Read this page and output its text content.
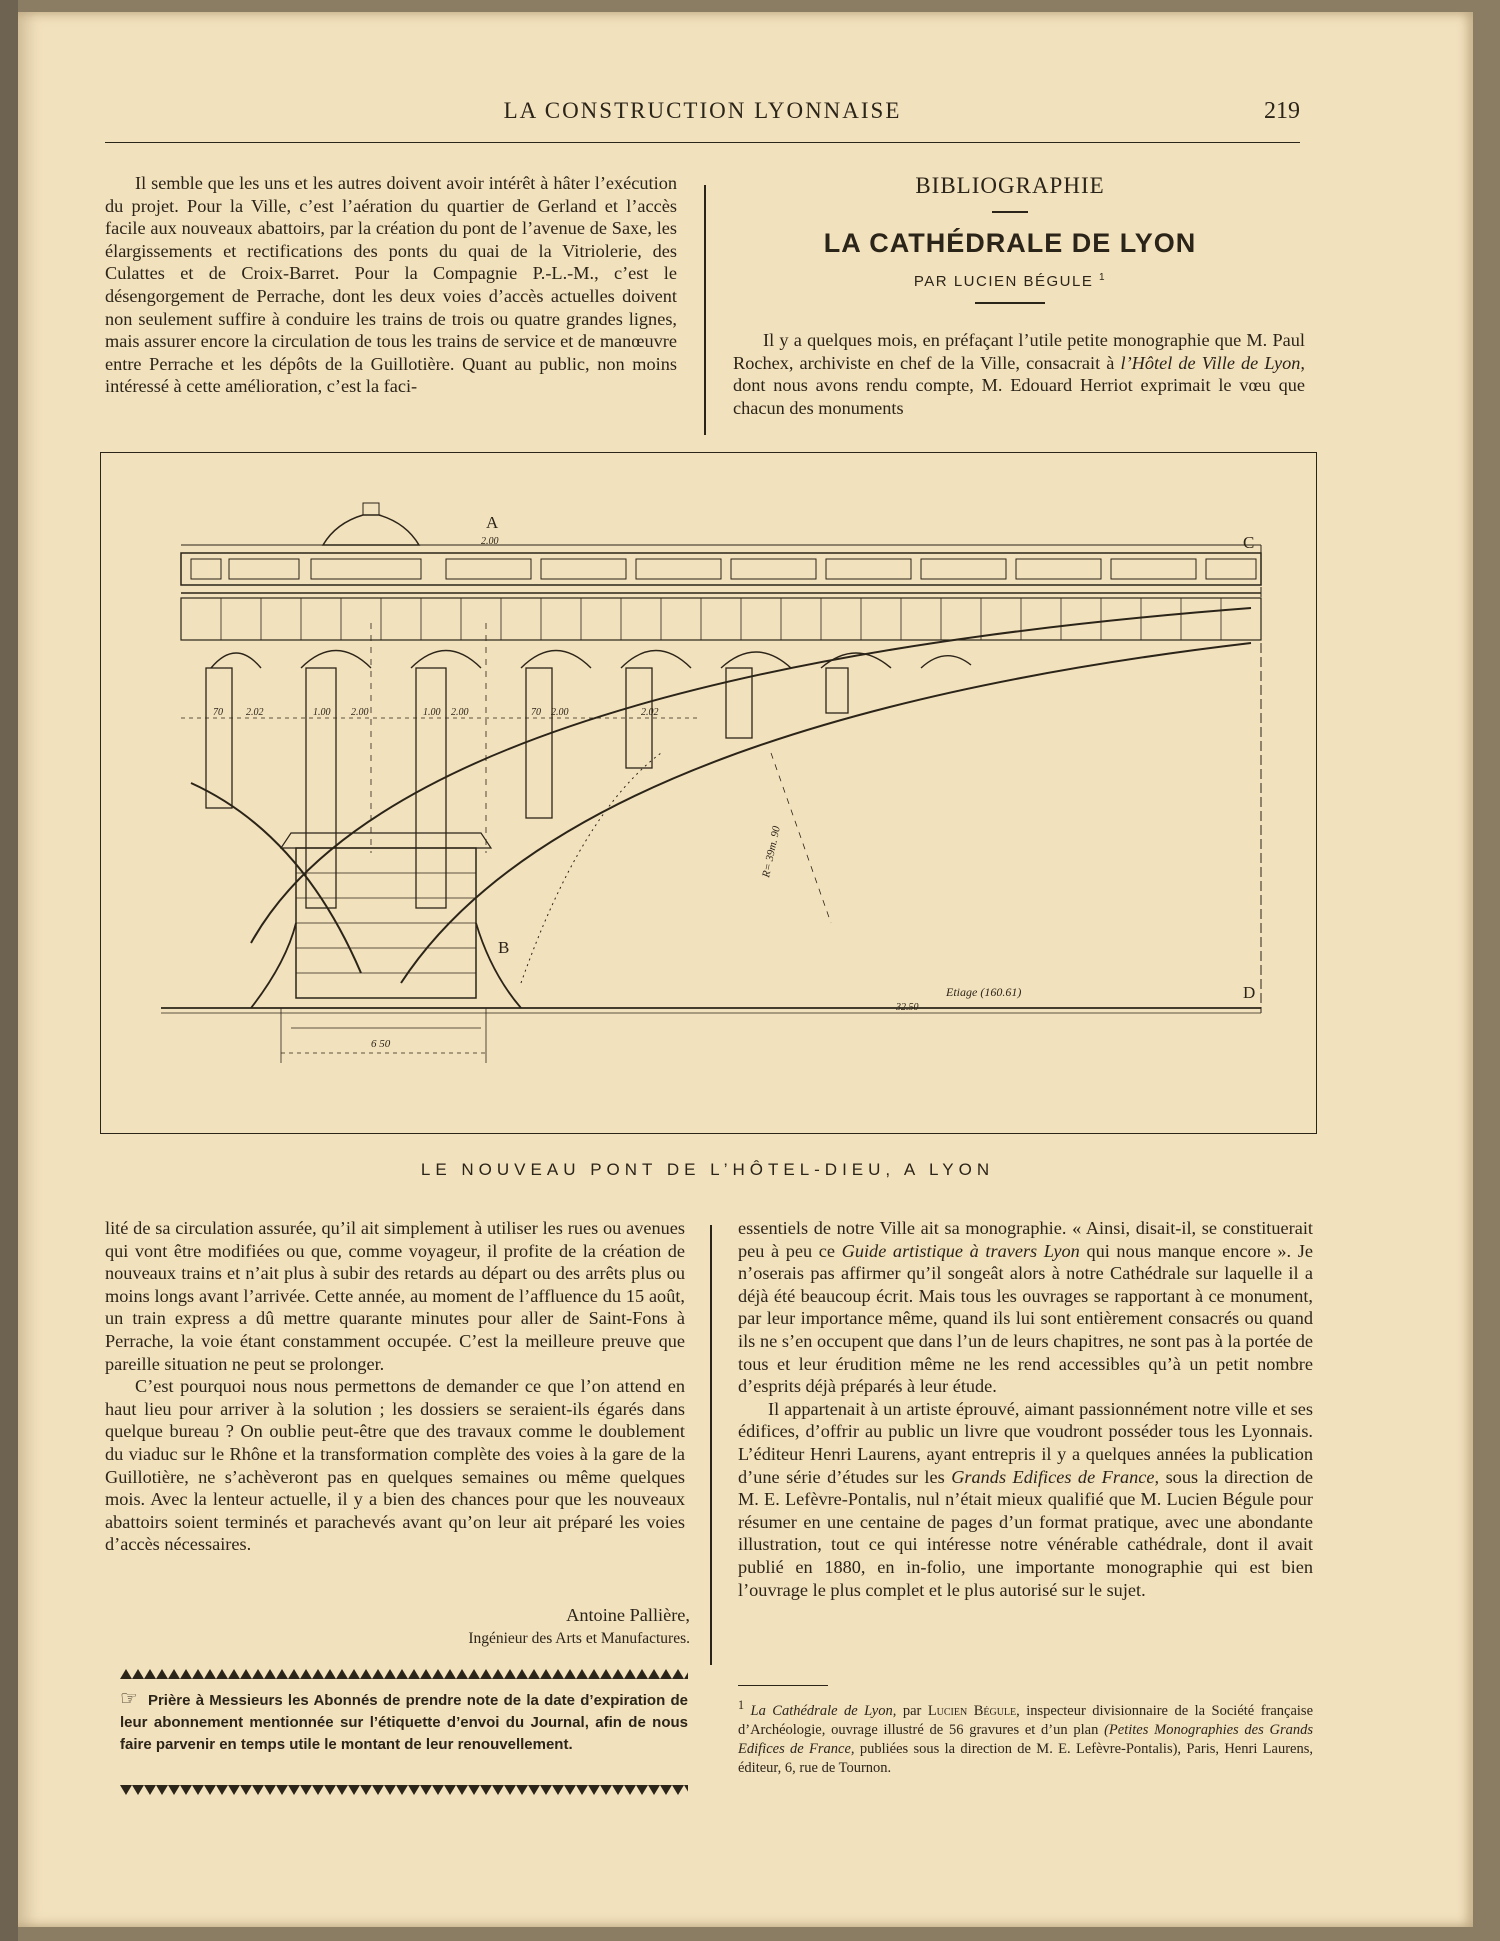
LA CONSTRUCTION LYONNAISE	219

Il semble que les uns et les autres doivent avoir intérêt à hâter l’exécution du projet. Pour la Ville, c’est l’aération du quartier de Gerland et l’accès facile aux nouveaux abattoirs, par la création du pont de l’avenue de Saxe, les élargissements et rectifications des ponts du quai de la Vitriolerie, des Culattes et de Croix-Barret. Pour la Compagnie P.-L.-M., c’est le désengorgement de Perrache, dont les deux voies d’accès actuelles doivent non seulement suffire à conduire les trains de trois ou quatre grandes lignes, mais assurer encore la circulation de tous les trains de service et de manœuvre entre Perrache et les dépôts de la Guillotière. Quant au public, non moins intéressé à cette amélioration, c’est la faci-

BIBLIOGRAPHIE
LA CATHÉDRALE DE LYON
PAR LUCIEN BÉGULE $^1$

Il y a quelques mois, en préfaçant l’utile petite monographie que M. Paul Rochex, archiviste en chef de la Ville, consacrait à l’Hôtel de Ville de Lyon, dont nous avons rendu compte, M. Edouard Herriot exprimait le vœu que chacun des monuments

A
B
C
D
Etiage (160.61)
R= 39m. 90
6 50
32.50
2.00
2.02	2.00	2.00	2.00	2.02
70	1.00	1.00	70
LE NOUVEAU PONT DE L’HÔTEL-DIEU, A LYON

lité de sa circulation assurée, qu’il ait simplement à utiliser les rues ou avenues qui vont être modifiées ou que, comme voyageur, il profite de la création de nouveaux trains et n’ait plus à subir des retards au départ ou des arrêts plus ou moins longs avant l’arrivée. Cette année, au moment de l’affluence du 15 août, un train express a dû mettre quarante minutes pour aller de Saint-Fons à Perrache, la voie étant constamment occupée. C’est la meilleure preuve que pareille situation ne peut se prolonger.

C’est pourquoi nous nous permettons de demander ce que l’on attend en haut lieu pour arriver à la solution ; les dossiers se seraient-ils égarés dans quelque bureau ? On oublie peut-être que des travaux comme le doublement du viaduc sur le Rhône et la transformation complète des voies à la gare de la Guillotière, ne s’achèveront pas en quelques semaines ou même quelques mois. Avec la lenteur actuelle, il y a bien des chances pour que les nouveaux abattoirs soient terminés et parachevés avant qu’on leur ait préparé les voies d’accès nécessaires.

Antoine Pallière,
Ingénieur des Arts et Manufactures.
☞ Prière à Messieurs les Abonnés de prendre note de la date d’expiration de leur abonnement mentionnée sur l’étiquette d’envoi du Journal, afin de nous faire parvenir en temps utile le montant de leur renouvellement.

essentiels de notre Ville ait sa monographie. « Ainsi, disait-il, se constituerait peu à peu ce Guide artistique à travers Lyon qui nous manque encore ». Je n’oserais pas affirmer qu’il songeât alors à notre Cathédrale sur laquelle il a déjà été beaucoup écrit. Mais tous les ouvrages se rapportant à ce monument, par leur importance même, quand ils lui sont entièrement consacrés ou quand ils ne s’en occupent que dans l’un de leurs chapitres, ne sont pas à la portée de tous et leur érudition même ne les rend accessibles qu’à un petit nombre d’esprits déjà préparés à leur étude.

Il appartenait à un artiste éprouvé, aimant passionnément notre ville et ses édifices, d’offrir au public un livre que voudront posséder tous les Lyonnais. L’éditeur Henri Laurens, ayant entrepris il y a quelques années la publication d’une série d’études sur les Grands Edifices de France, sous la direction de M. E. Lefèvre-Pontalis, nul n’était mieux qualifié que M. Lucien Bégule pour résumer en une centaine de pages d’un format pratique, avec une abondante illustration, tout ce qui intéresse notre vénérable cathédrale, dont il avait publié en 1880, en in-folio, une importante monographie qui est bien l’ouvrage le plus complet et le plus autorisé sur le sujet.

$^1$ La Cathédrale de Lyon, par Lucien Bégule, inspecteur divisionnaire de la Société française d’Archéologie, ouvrage illustré de 56 gravures et d’un plan (Petites Monographies des Grands Edifices de France, publiées sous la direction de M. E. Lefèvre-Pontalis), Paris, Henri Laurens, éditeur, 6, rue de Tournon.
